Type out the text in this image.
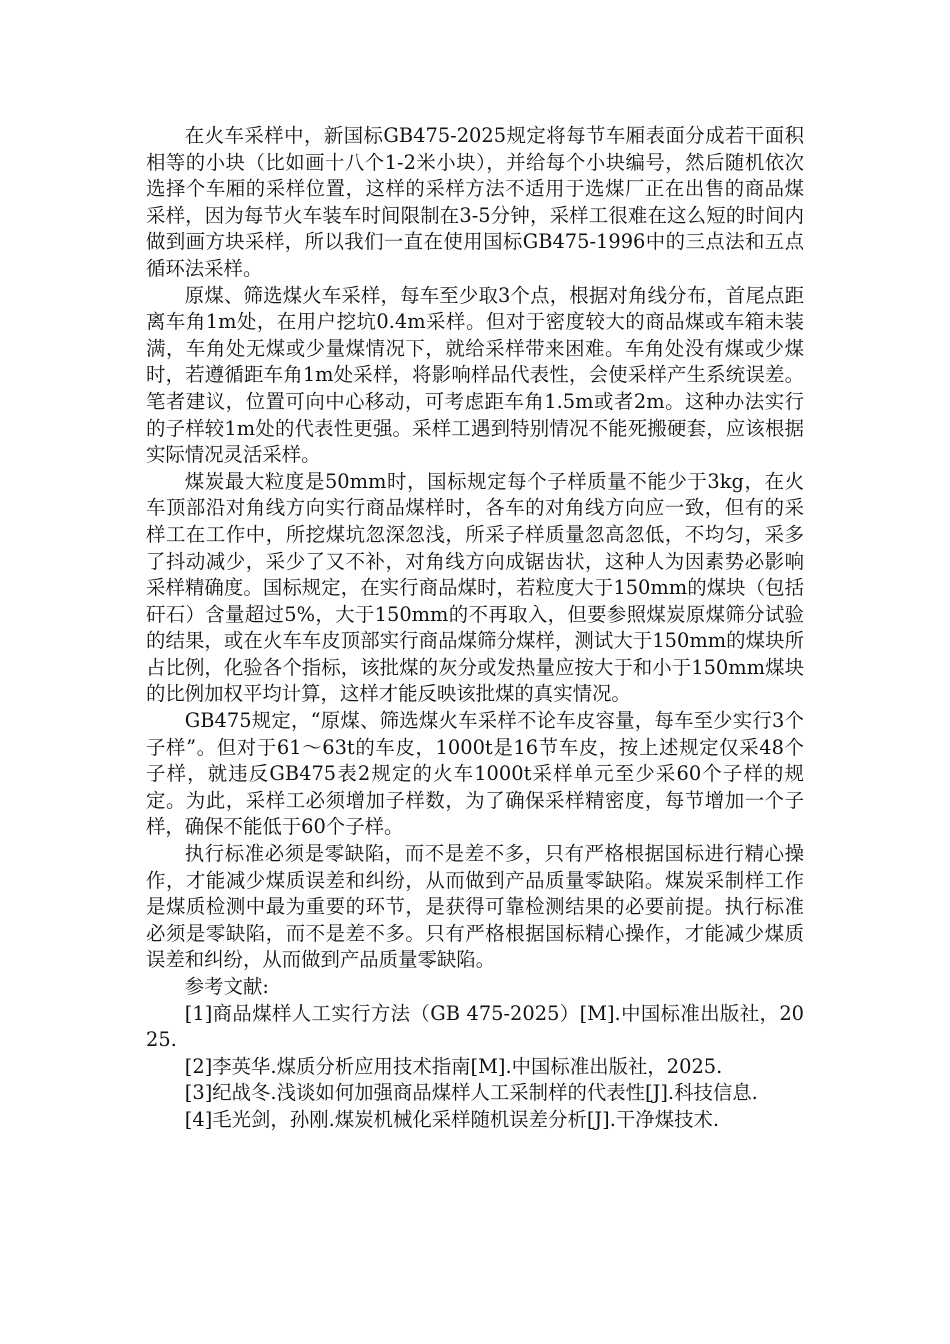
在火车采样中，新国标GB475-2025规定将每节车厢表面分成若干面积相等的小块（比如画十八个1-2米小块），并给每个小块编号，然后随机依次选择个车厢的采样位置，这样的采样方法不适用于选煤厂正在出售的商品煤采样，因为每节火车装车时间限制在3-5分钟，采样工很难在这么短的时间内做到画方块采样，所以我们一直在使用国标GB475-1996中的三点法和五点循环法采样。

原煤、筛选煤火车采样，每车至少取3个点，根据对角线分布，首尾点距离车角1m处，在用户挖坑0.4m采样。但对于密度较大的商品煤或车箱未装满，车角处无煤或少量煤情况下，就给采样带来困难。车角处没有煤或少煤时，若遵循距车角1m处采样，将影响样品代表性，会使采样产生系统误差。笔者建议，位置可向中心移动，可考虑距车角1.5m或者2m。这种办法实行的子样较1m处的代表性更强。采样工遇到特别情况不能死搬硬套，应该根据实际情况灵活采样。

煤炭最大粒度是50mm时，国标规定每个子样质量不能少于3kg，在火车顶部沿对角线方向实行商品煤样时，各车的对角线方向应一致，但有的采样工在工作中，所挖煤坑忽深忽浅，所采子样质量忽高忽低，不均匀，采多了抖动减少，采少了又不补，对角线方向成锯齿状，这种人为因素势必影响采样精确度。国标规定，在实行商品煤时，若粒度大于150mm的煤块（包括矸石）含量超过5%，大于150mm的不再取入，但要参照煤炭原煤筛分试验的结果，或在火车车皮顶部实行商品煤筛分煤样，测试大于150mm的煤块所占比例，化验各个指标，该批煤的灰分或发热量应按大于和小于150mm煤块的比例加权平均计算，这样才能反映该批煤的真实情况。

GB475规定，“原煤、筛选煤火车采样不论车皮容量，每车至少实行3个子样”。但对于61～63t的车皮，1000t是16节车皮，按上述规定仅采48个子样，就违反GB475表2规定的火车1000t采样单元至少采60个子样的规定。为此，采样工必须增加子样数，为了确保采样精密度，每节增加一个子样，确保不能低于60个子样。

执行标准必须是零缺陷，而不是差不多，只有严格根据国标进行精心操作，才能减少煤质误差和纠纷，从而做到产品质量零缺陷。煤炭采制样工作是煤质检测中最为重要的环节，是获得可靠检测结果的必要前提。执行标准必须是零缺陷，而不是差不多。只有严格根据国标精心操作，才能减少煤质误差和纠纷，从而做到产品质量零缺陷。

参考文献:

[1]商品煤样人工实行方法（GB 475-2025）[M].中国标准出版社，2025.

[2]李英华.煤质分析应用技术指南[M].中国标准出版社，2025.

[3]纪战冬.浅谈如何加强商品煤样人工采制样的代表性[J].科技信息.

[4]毛光剑，孙刚.煤炭机械化采样随机误差分析[J].干净煤技术.
